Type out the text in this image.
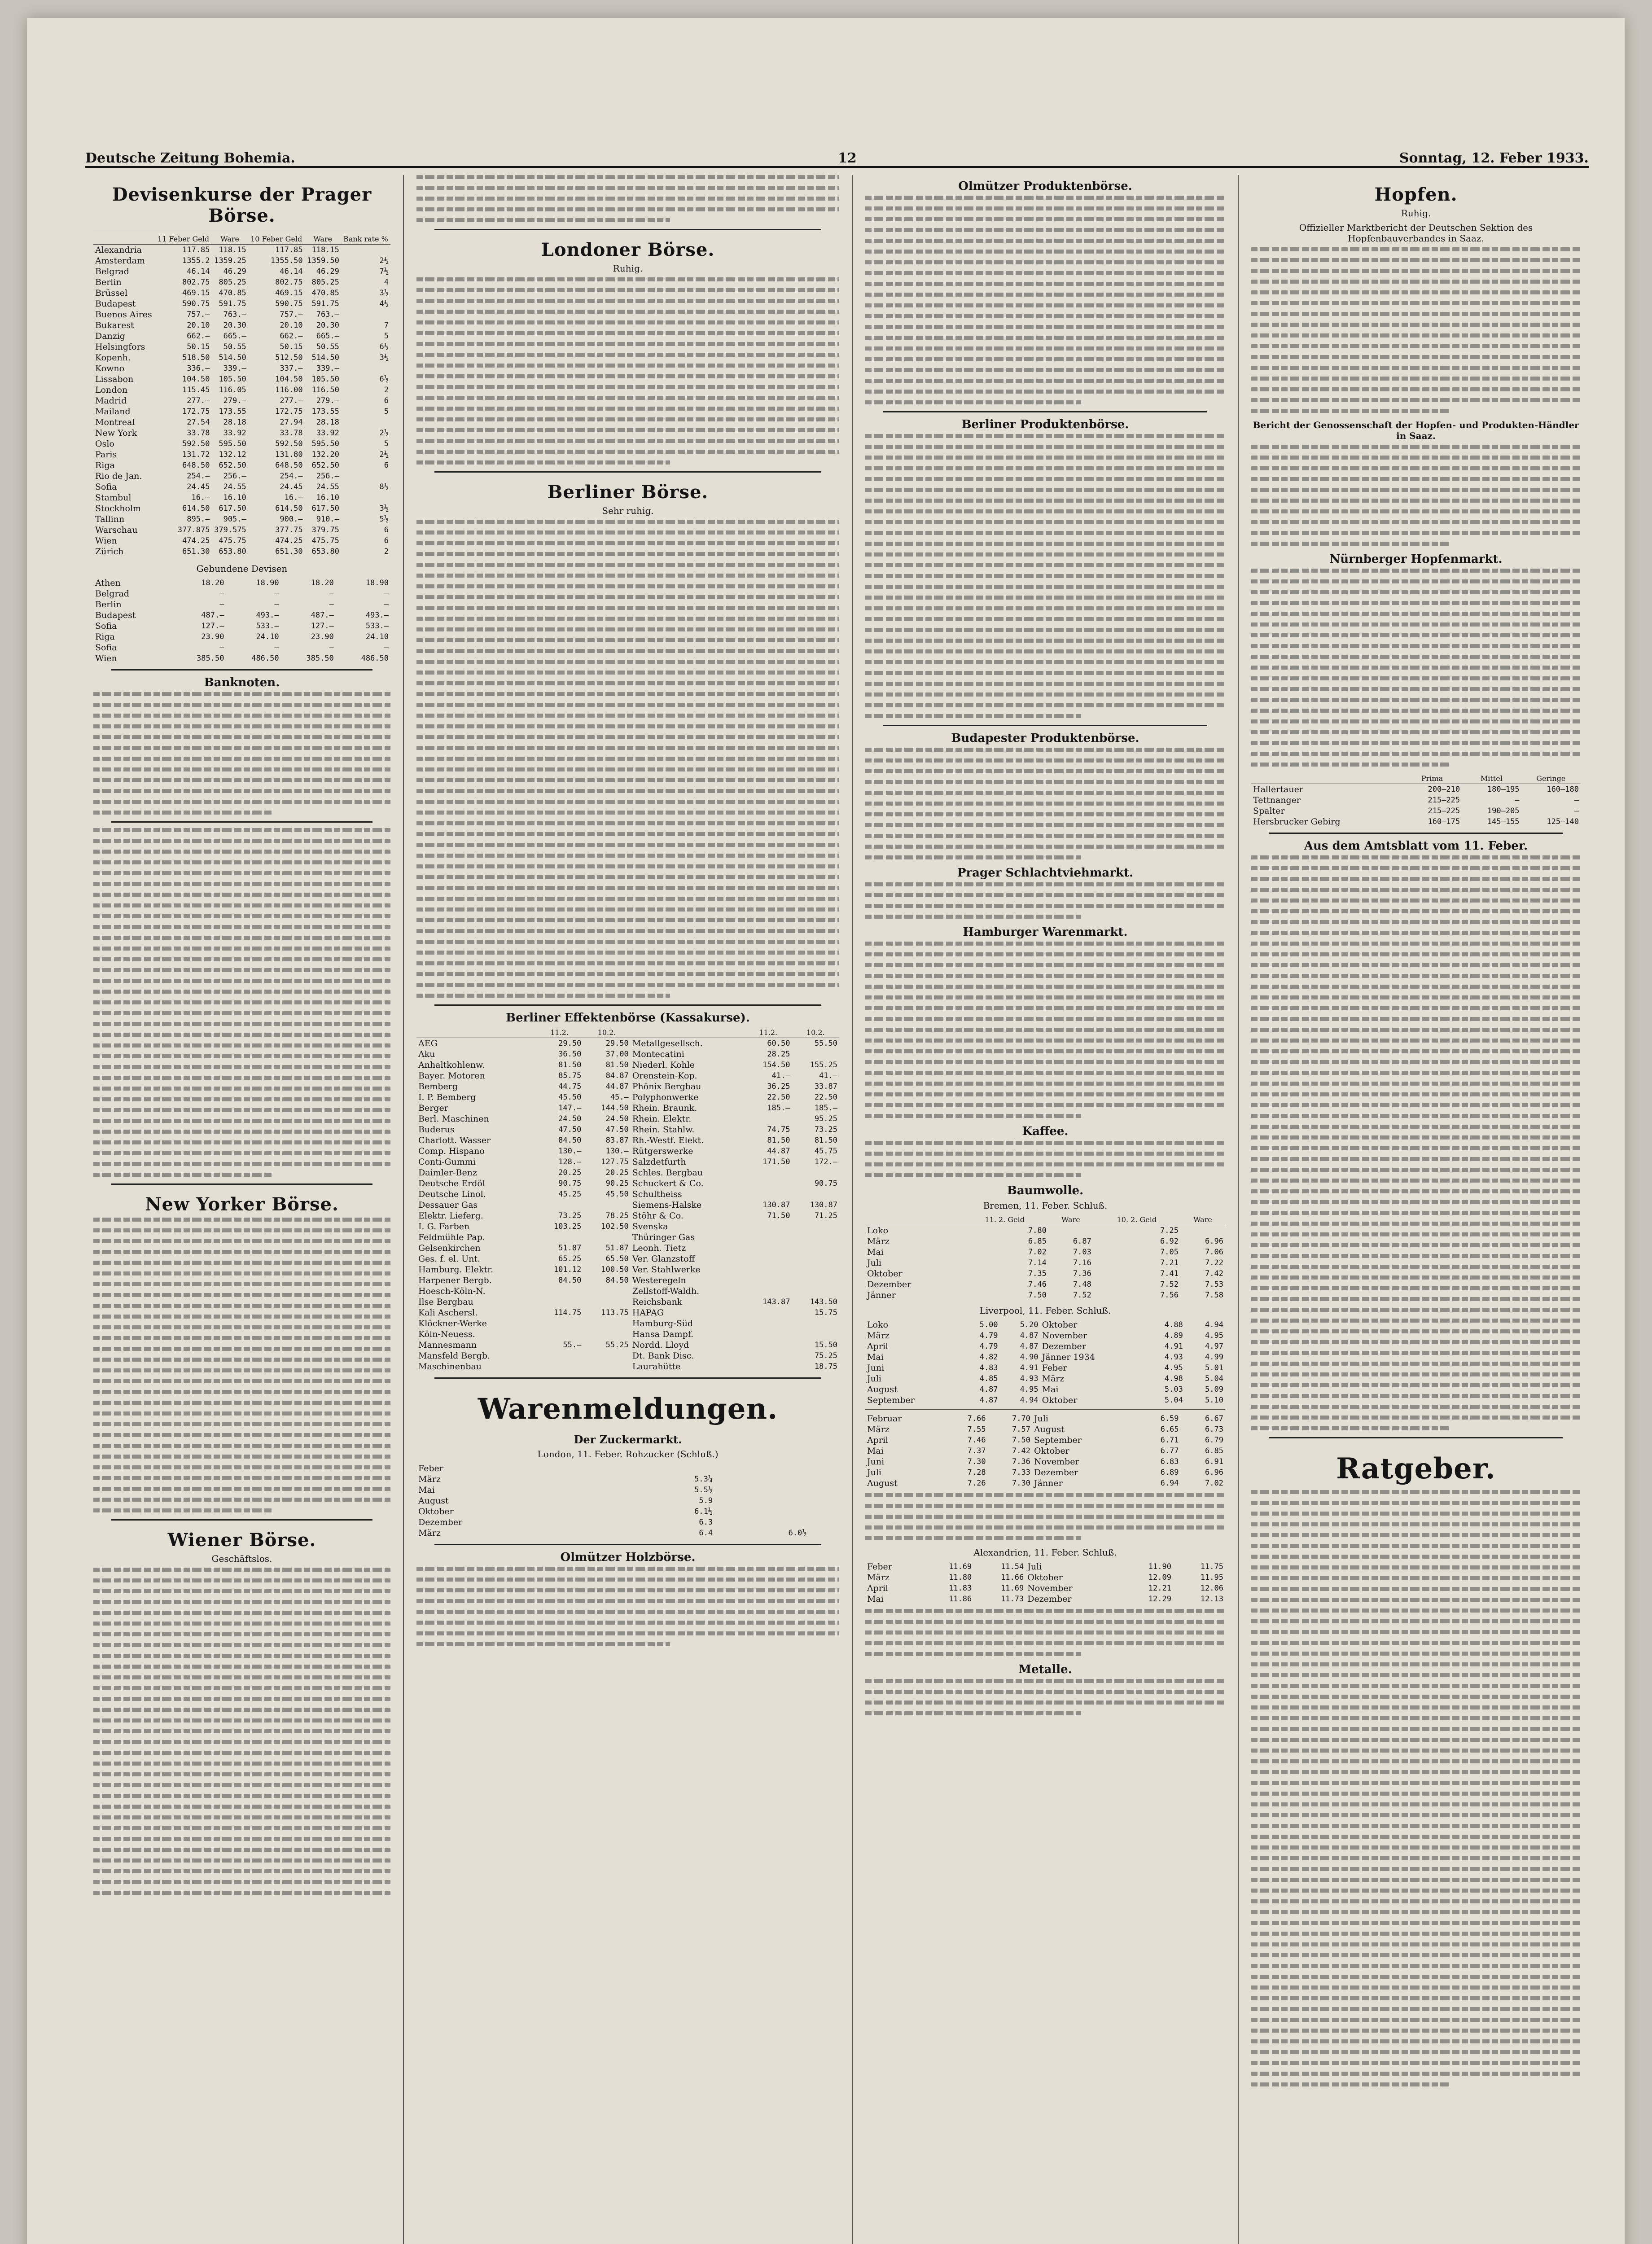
Deutsche Zeitung Bohemia.	12	Sonntag, 12. Feber 1933.
Devisenkurse der Prager Börse.
	11 Feber Geld	Ware	10 Feber Geld	Ware	Bank rate %
Alexandria	117.85	118.15	117.85	118.15	
Amsterdam	1355.2	1359.25	1355.50	1359.50	2½
Belgrad	46.14	46.29	46.14	46.29	7½
Berlin	802.75	805.25	802.75	805.25	4
Brüssel	469.15	470.85	469.15	470.85	3½
Budapest	590.75	591.75	590.75	591.75	4½
Buenos Aires	757.—	763.—	757.—	763.—	
Bukarest	20.10	20.30	20.10	20.30	7
Danzig	662.—	665.—	662.—	665.—	5
Helsingfors	50.15	50.55	50.15	50.55	6½
Kopenh.	518.50	514.50	512.50	514.50	3½
Kowno	336.—	339.—	337.—	339.—	
Lissabon	104.50	105.50	104.50	105.50	6½
London	115.45	116.05	116.00	116.50	2
Madrid	277.—	279.—	277.—	279.—	6
Mailand	172.75	173.55	172.75	173.55	5
Montreal	27.54	28.18	27.94	28.18	
New York	33.78	33.92	33.78	33.92	2½
Oslo	592.50	595.50	592.50	595.50	5
Paris	131.72	132.12	131.80	132.20	2½
Riga	648.50	652.50	648.50	652.50	6
Rio de Jan.	254.—	256.—	254.—	256.—	
Sofia	24.45	24.55	24.45	24.55	8½
Stambul	16.—	16.10	16.—	16.10	
Stockholm	614.50	617.50	614.50	617.50	3½
Tallinn	895.—	905.—	900.—	910.—	5½
Warschau	377.875	379.575	377.75	379.75	6
Wien	474.25	475.75	474.25	475.75	6
Zürich	651.30	653.80	651.30	653.80	2
Gebundene Devisen
Athen	18.20	18.90	18.20	18.90
Belgrad	—	—	—	—
Berlin	—	—	—	—
Budapest	487.—	493.—	487.—	493.—
Sofia	127.—	533.—	127.—	533.—
Riga	23.90	24.10	23.90	24.10
Sofia	—	—	—	—
Wien	385.50	486.50	385.50	486.50
Banknoten.
New Yorker Börse.
Wiener Börse.
Geschäftslos.
Londoner Börse.
Ruhig.
Berliner Börse.
Sehr ruhig.
Berliner Effektenbörse (Kassakurse).
	11.2.	10.2.		11.2.	10.2.
AEG	29.50	29.50	Metallgesellsch.	60.50	55.50
Aku	36.50	37.00	Montecatini	28.25	
Anhaltkohlenw.	81.50	81.50	Niederl. Kohle	154.50	155.25
Bayer. Motoren	85.75	84.87	Orenstein-Kop.	41.—	41.—
Bemberg	44.75	44.87	Phönix Bergbau	36.25	33.87
I. P. Bemberg	45.50	45.—	Polyphonwerke	22.50	22.50
Berger	147.—	144.50	Rhein. Braunk.	185.—	185.—
Berl. Maschinen	24.50	24.50	Rhein. Elektr.		95.25
Buderus	47.50	47.50	Rhein. Stahlw.	74.75	73.25
Charlott. Wasser	84.50	83.87	Rh.-Westf. Elekt.	81.50	81.50
Comp. Hispano	130.—	130.—	Rütgerswerke	44.87	45.75
Conti-Gummi	128.—	127.75	Salzdetfurth	171.50	172.—
Daimler-Benz	20.25	20.25	Schles. Bergbau		
Deutsche Erdöl	90.75	90.25	Schuckert & Co.		90.75
Deutsche Linol.	45.25	45.50	Schultheiss		
Dessauer Gas			Siemens-Halske	130.87	130.87
Elektr. Lieferg.	73.25	78.25	Stöhr & Co.	71.50	71.25
I. G. Farben	103.25	102.50	Svenska		
Feldmühle Pap.			Thüringer Gas		
Gelsenkirchen	51.87	51.87	Leonh. Tietz		
Ges. f. el. Unt.	65.25	65.50	Ver. Glanzstoff		
Hamburg. Elektr.	101.12	100.50	Ver. Stahlwerke		
Harpener Bergb.	84.50	84.50	Westeregeln		
Hoesch-Köln-N.			Zellstoff-Waldh.		
Ilse Bergbau			Reichsbank	143.87	143.50
Kali Aschersl.	114.75	113.75	HAPAG		15.75
Klöckner-Werke			Hamburg-Süd		
Köln-Neuess.			Hansa Dampf.		
Mannesmann	55.—	55.25	Nordd. Lloyd		15.50
Mansfeld Bergb.			Dt. Bank Disc.		75.25
Maschinenbau			Laurahütte		18.75
Warenmeldungen.
Der Zuckermarkt.
London, 11. Feber. Rohzucker (Schluß.)
Feber				
März	5.3¼			
Mai	5.5½			
August	5.9			
Oktober	6.1½			
Dezember	6.3			
März	6.4	6.0½		
Olmützer Holzbörse.
Olmützer Produktenbörse.
Berliner Produktenbörse.
Budapester Produktenbörse.
Prager Schlachtviehmarkt.
Hamburger Warenmarkt.
Kaffee.
Baumwolle.
Bremen, 11. Feber. Schluß.
	11. 2. Geld	Ware	10. 2. Geld	Ware
Loko	7.80		7.25	
März	6.85	6.87	6.92	6.96
Mai	7.02	7.03	7.05	7.06
Juli	7.14	7.16	7.21	7.22
Oktober	7.35	7.36	7.41	7.42
Dezember	7.46	7.48	7.52	7.53
Jänner	7.50	7.52	7.56	7.58
Liverpool, 11. Feber. Schluß.
Loko	5.00	5.20	Oktober	4.88	4.94
März	4.79	4.87	November	4.89	4.95
April	4.79	4.87	Dezember	4.91	4.97
Mai	4.82	4.90	Jänner 1934	4.93	4.99
Juni	4.83	4.91	Feber	4.95	5.01
Juli	4.85	4.93	März	4.98	5.04
August	4.87	4.95	Mai	5.03	5.09
September	4.87	4.94	Oktober	5.04	5.10
Februar	7.66	7.70	Juli	6.59	6.67
März	7.55	7.57	August	6.65	6.73
April	7.46	7.50	September	6.71	6.79
Mai	7.37	7.42	Oktober	6.77	6.85
Juni	7.30	7.36	November	6.83	6.91
Juli	7.28	7.33	Dezember	6.89	6.96
August	7.26	7.30	Jänner	6.94	7.02
Alexandrien, 11. Feber. Schluß.
Feber	11.69	11.54	Juli	11.90	11.75
März	11.80	11.66	Oktober	12.09	11.95
April	11.83	11.69	November	12.21	12.06
Mai	11.86	11.73	Dezember	12.29	12.13
Metalle.
Hopfen.
Ruhig.
Offizieller Marktbericht der Deutschen Sektion des Hopfenbauverbandes in Saaz.
Bericht der Genossenschaft der Hopfen- und Produkten-Händler in Saaz.
Nürnberger Hopfenmarkt.
	Prima	Mittel	Geringe
Hallertauer	200—210	180—195	160—180
Tettnanger	215—225	—	—
Spalter	215—225	190—205	—
Hersbrucker Gebirg	160—175	145—155	125—140
Aus dem Amtsblatt vom 11. Feber.
Ratgeber.
